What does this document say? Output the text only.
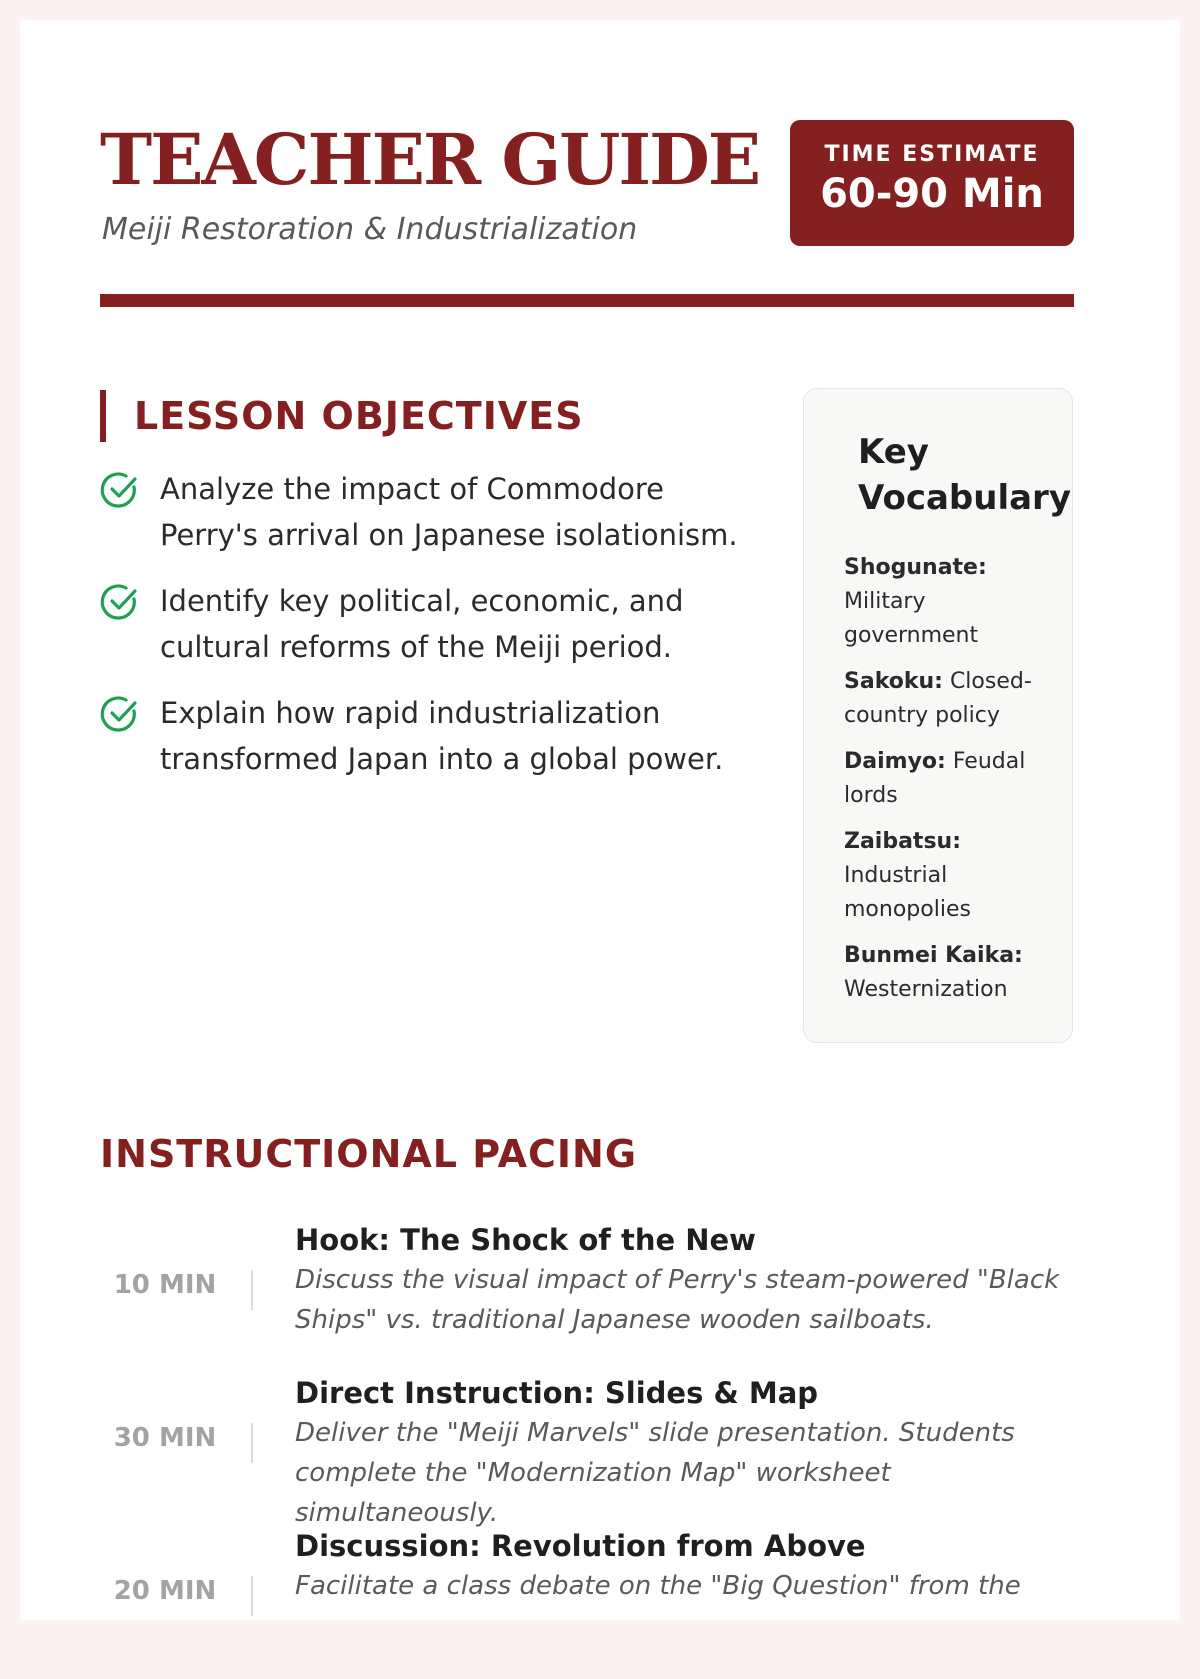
TEACHER GUIDE
Meiji Restoration & Industrialization
TIME ESTIMATE
60-90 Min
LESSON OBJECTIVES
Analyze the impact of Commodore Perry's arrival on Japanese isolationism.
Identify key political, economic, and cultural reforms of the Meiji period.
Explain how rapid industrialization transformed Japan into a global power.
Key Vocabulary
Shogunate: Military government
Sakoku: Closed-country policy
Daimyo: Feudal lords
Zaibatsu: Industrial monopolies
Bunmei Kaika: Westernization
INSTRUCTIONAL PACING
10 MIN
Hook: The Shock of the New
Discuss the visual impact of Perry's steam-powered "Black Ships" vs. traditional Japanese wooden sailboats.
30 MIN
Direct Instruction: Slides & Map
Deliver the "Meiji Marvels" slide presentation. Students complete the "Modernization Map" worksheet simultaneously.
20 MIN
Discussion: Revolution from Above
Facilitate a class debate on the "Big Question" from the
